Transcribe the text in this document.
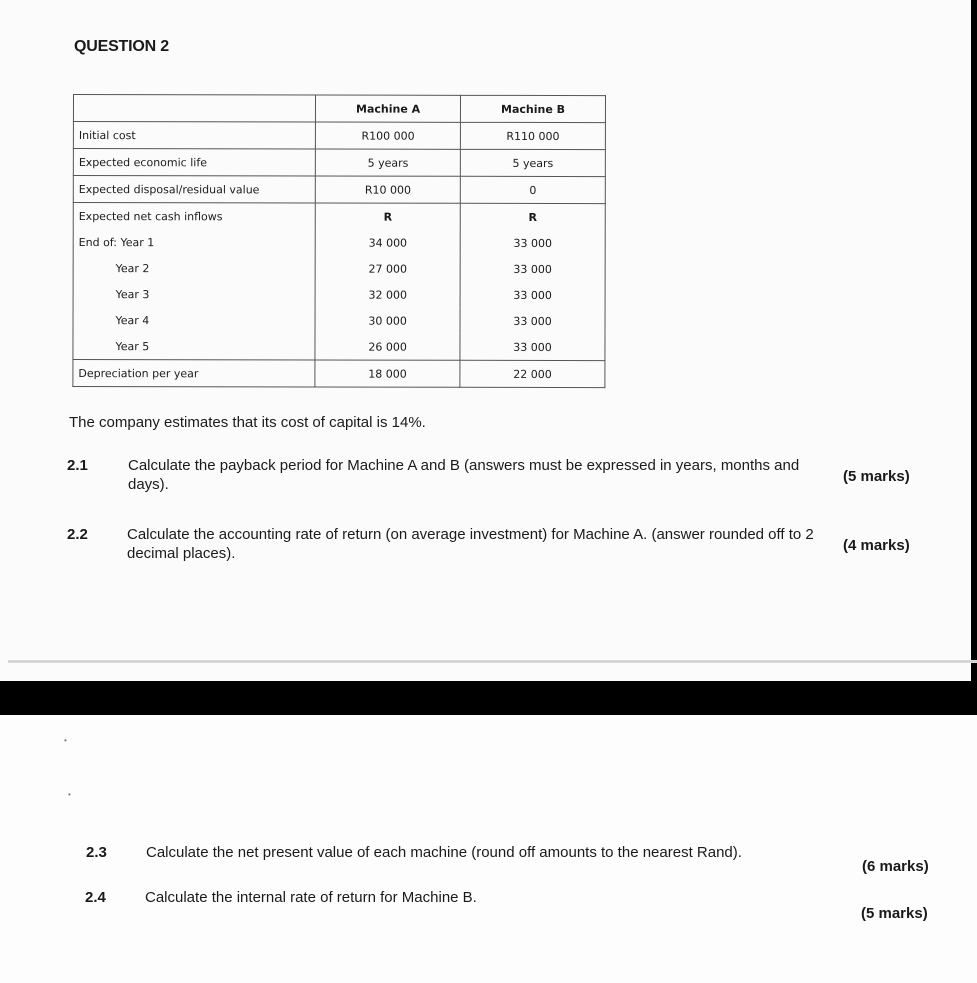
QUESTION 2
	Machine A	Machine B
Initial cost	R100 000	R110 000
Expected economic life	5 years	5 years
Expected disposal/residual value	R10 000	0
Expected net cash inflows	R	R
End of: Year 1	34 000	33 000
Year 2	27 000	33 000
Year 3	32 000	33 000
Year 4	30 000	33 000
Year 5	26 000	33 000
Depreciation per year	18 000	22 000
The company estimates that its cost of capital is 14%.
2.1	Calculate the payback period for Machine A and B (answers must be expressed in years, months and days).	(5 marks)
2.2	Calculate the accounting rate of return (on average investment) for Machine A. (answer rounded off to 2 decimal places).	(4 marks)
•
•
2.3	Calculate the net present value of each machine (round off amounts to the nearest Rand).
(6 marks)
2.4	Calculate the internal rate of return for Machine B.
(5 marks)
